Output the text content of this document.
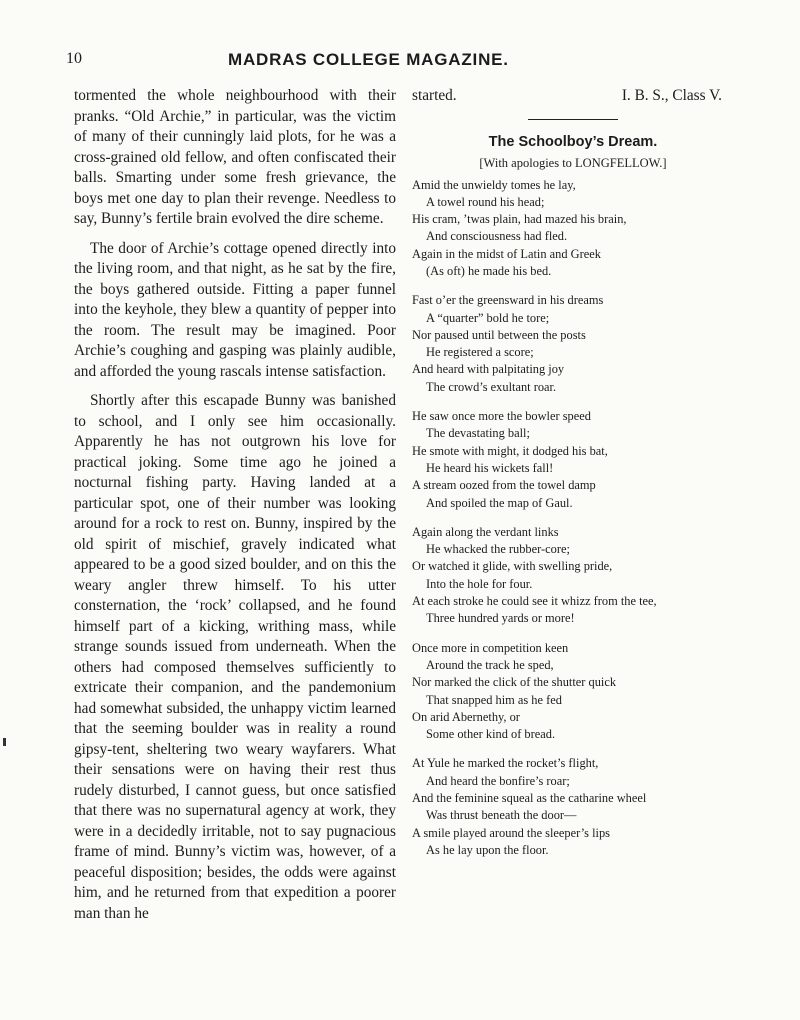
10	MADRAS COLLEGE MAGAZINE.

tormented the whole neighbourhood with their pranks. “Old Archie,” in particular, was the victim of many of their cunningly laid plots, for he was a cross-grained old fellow, and often confiscated their balls. Smarting under some fresh grievance, the boys met one day to plan their revenge. Needless to say, Bunny’s fertile brain evolved the dire scheme.

The door of Archie’s cottage opened directly into the living room, and that night, as he sat by the fire, the boys gathered outside. Fitting a paper funnel into the keyhole, they blew a quantity of pepper into the room. The result may be imagined. Poor Archie’s coughing and gasping was plainly audible, and afforded the young rascals intense satisfaction.

Shortly after this escapade Bunny was banished to school, and I only see him occasionally. Apparently he has not outgrown his love for practical joking. Some time ago he joined a nocturnal fishing party. Having landed at a particular spot, one of their number was looking around for a rock to rest on. Bunny, inspired by the old spirit of mischief, gravely indicated what appeared to be a good sized boulder, and on this the weary angler threw himself. To his utter consternation, the ‘rock’ collapsed, and he found himself part of a kicking, writhing mass, while strange sounds issued from underneath. When the others had composed themselves sufficiently to extricate their companion, and the pandemonium had somewhat subsided, the unhappy victim learned that the seeming boulder was in reality a round gipsy-tent, sheltering two weary wayfarers. What their sensations were on having their rest thus rudely disturbed, I cannot guess, but once satisfied that there was no supernatural agency at work, they were in a decidedly irritable, not to say pugnacious frame of mind. Bunny’s victim was, however, of a peaceful disposition; besides, the odds were against him, and he returned from that expedition a poorer man than he

started.	I. B. S., Class V.
The Schoolboy’s Dream.
[With apologies to LONGFELLOW.]
Amid the unwieldy tomes he lay,
A towel round his head;
His cram, ’twas plain, had mazed his brain,
And consciousness had fled.
Again in the midst of Latin and Greek
(As oft) he made his bed.
Fast o’er the greensward in his dreams
A “quarter” bold he tore;
Nor paused until between the posts
He registered a score;
And heard with palpitating joy
The crowd’s exultant roar.
He saw once more the bowler speed
The devastating ball;
He smote with might, it dodged his bat,
He heard his wickets fall!
A stream oozed from the towel damp
And spoiled the map of Gaul.
Again along the verdant links
He whacked the rubber-core;
Or watched it glide, with swelling pride,
Into the hole for four.
At each stroke he could see it whizz from the tee,
Three hundred yards or more!
Once more in competition keen
Around the track he sped,
Nor marked the click of the shutter quick
That snapped him as he fed
On arid Abernethy, or
Some other kind of bread.
At Yule he marked the rocket’s flight,
And heard the bonfire’s roar;
And the feminine squeal as the catharine wheel
Was thrust beneath the door—
A smile played around the sleeper’s lips
As he lay upon the floor.
